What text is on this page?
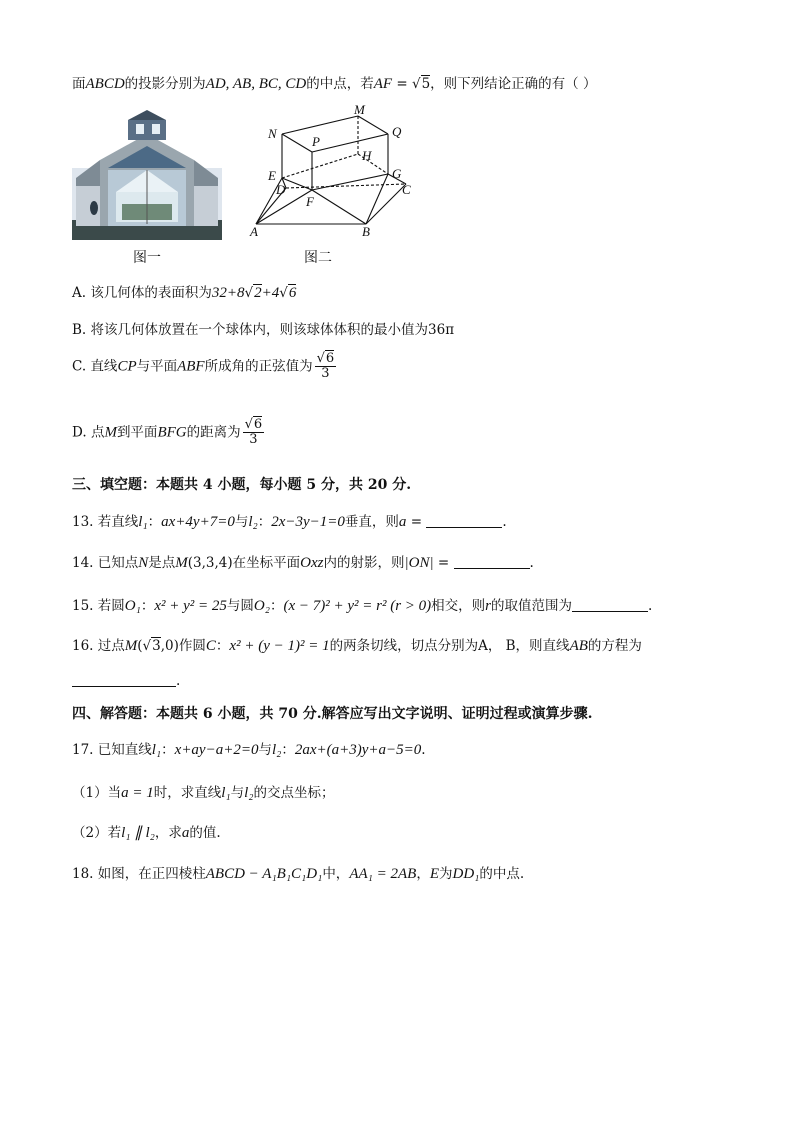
面ABCD的投影分别为AD, AB, BC, CD的中点，若AF = √5，则下列结论正确的有（ ）
图一
M
N	Q
P
H
E	G
D	C
F
A	B
图二
A. 该几何体的表面积为32+8√2+4√6
B. 将该几何体放置在一个球体内，则该球体体积的最小值为36π
C. 直线CP与平面ABF所成角的正弦值为 $\frac{√6}{3}$
D. 点M到平面BFG的距离为 $\frac{√6}{3}$
三、填空题：本题共 4 小题，每小题 5 分，共 20 分.
13. 若直线l₁：ax+4y+7=0与l₂：2x−3y−1=0垂直，则a =	.
14. 已知点N是点M(3,3,4)在坐标平面Oxz内的射影，则|ON| =	.
15. 若圆O₁：x² + y² = 25与圆O₂：(x − 7)² + y² = r² (r > 0)相交，则r的取值范围为	.
16. 过点M(√3,0)作圆C：x² + (y − 1)² = 1的两条切线，切点分别为A， B，则直线AB的方程为
.
四、解答题：本题共 6 小题，共 70 分.解答应写出文字说明、证明过程或演算步骤.
17. 已知直线l₁：x+ay−a+2=0与l₂：2ax+(a+3)y+a−5=0.
（1）当a = 1时，求直线l₁与l₂的交点坐标；
（2）若l₁ ∥ l₂，求a的值.
18. 如图，在正四棱柱ABCD − A₁B₁C₁D₁中，AA₁ = 2AB，E为DD₁的中点.
